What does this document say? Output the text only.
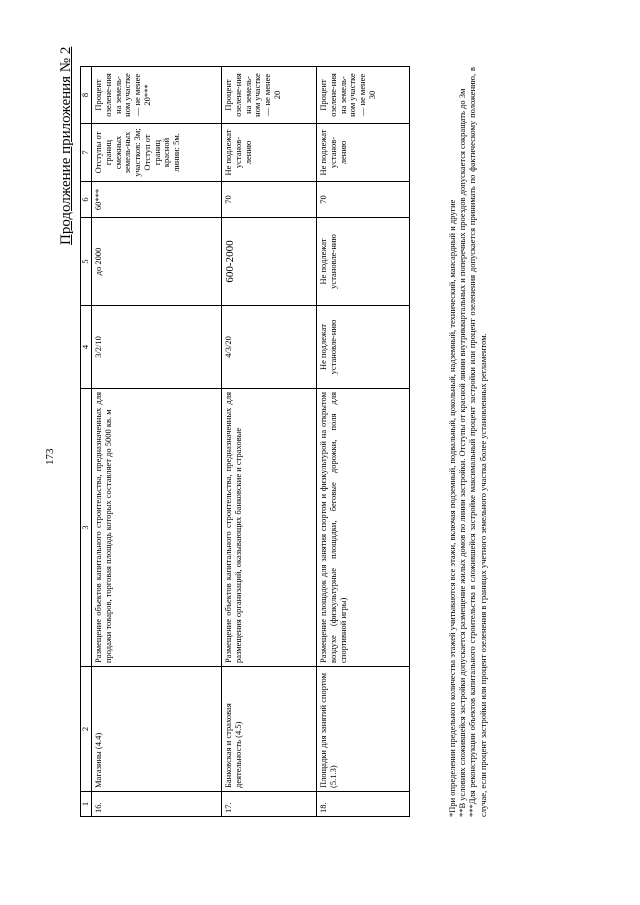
173
Продолжение приложения № 2
1	2	3	4	5	6	7	8
16.	Магазины (4.4)	Размещение объектов капитального строительства, предназначенных для продажи товаров, торговая площадь которых составляет до 5000 кв. м	3/2/10	до 2000	60***	Отступы от границ смежных земель-ных участков: 3м; Отступ от границ красной линии: 5м.	Процент озелене-ния на земель-ном участке — не менее 20***
17.	Банковская и страховая деятельность (4.5)	Размещение объектов капитального строительства, предназначенных для размещения организаций, оказывающих банковские и страховые	4/3/20	600-2000	70	Не подлежат установ-лению	Процент озелене-ния на земель-ном участке — не менее 20
18.	Площадки для занятий спортом (5.1.3)	Размещение площадок для занятия спортом и физкультурой на открытом воздухе (физкультурные площадки, беговые дорожки, поля для спортивной игры)	Не подлежат установле-нию	Не подлежат установле-нию	70	Не подлежат установ-лению	Процент озелене-ния на земель-ном участке — не менее 30

*При определении предельного количества этажей учитываются все этажи, включая подземный, подвальный, цокольный, надземный, технический, мансардный и другие **В условиях сложившейся застройки допускается размещение жилых домов по линии застройки. Отступы от красной линии внутриквартальных и поперечных проездов допускается сокращать до 3м ***Для реконструкции объектов капитального строительства в сложившейся застройке максимальный процент застройки или процент озеленения допускается принимать по фактическому положению, в случае, если процент застройки или процент озеленения в границах учетного земельного участка более установленных регламентом.
